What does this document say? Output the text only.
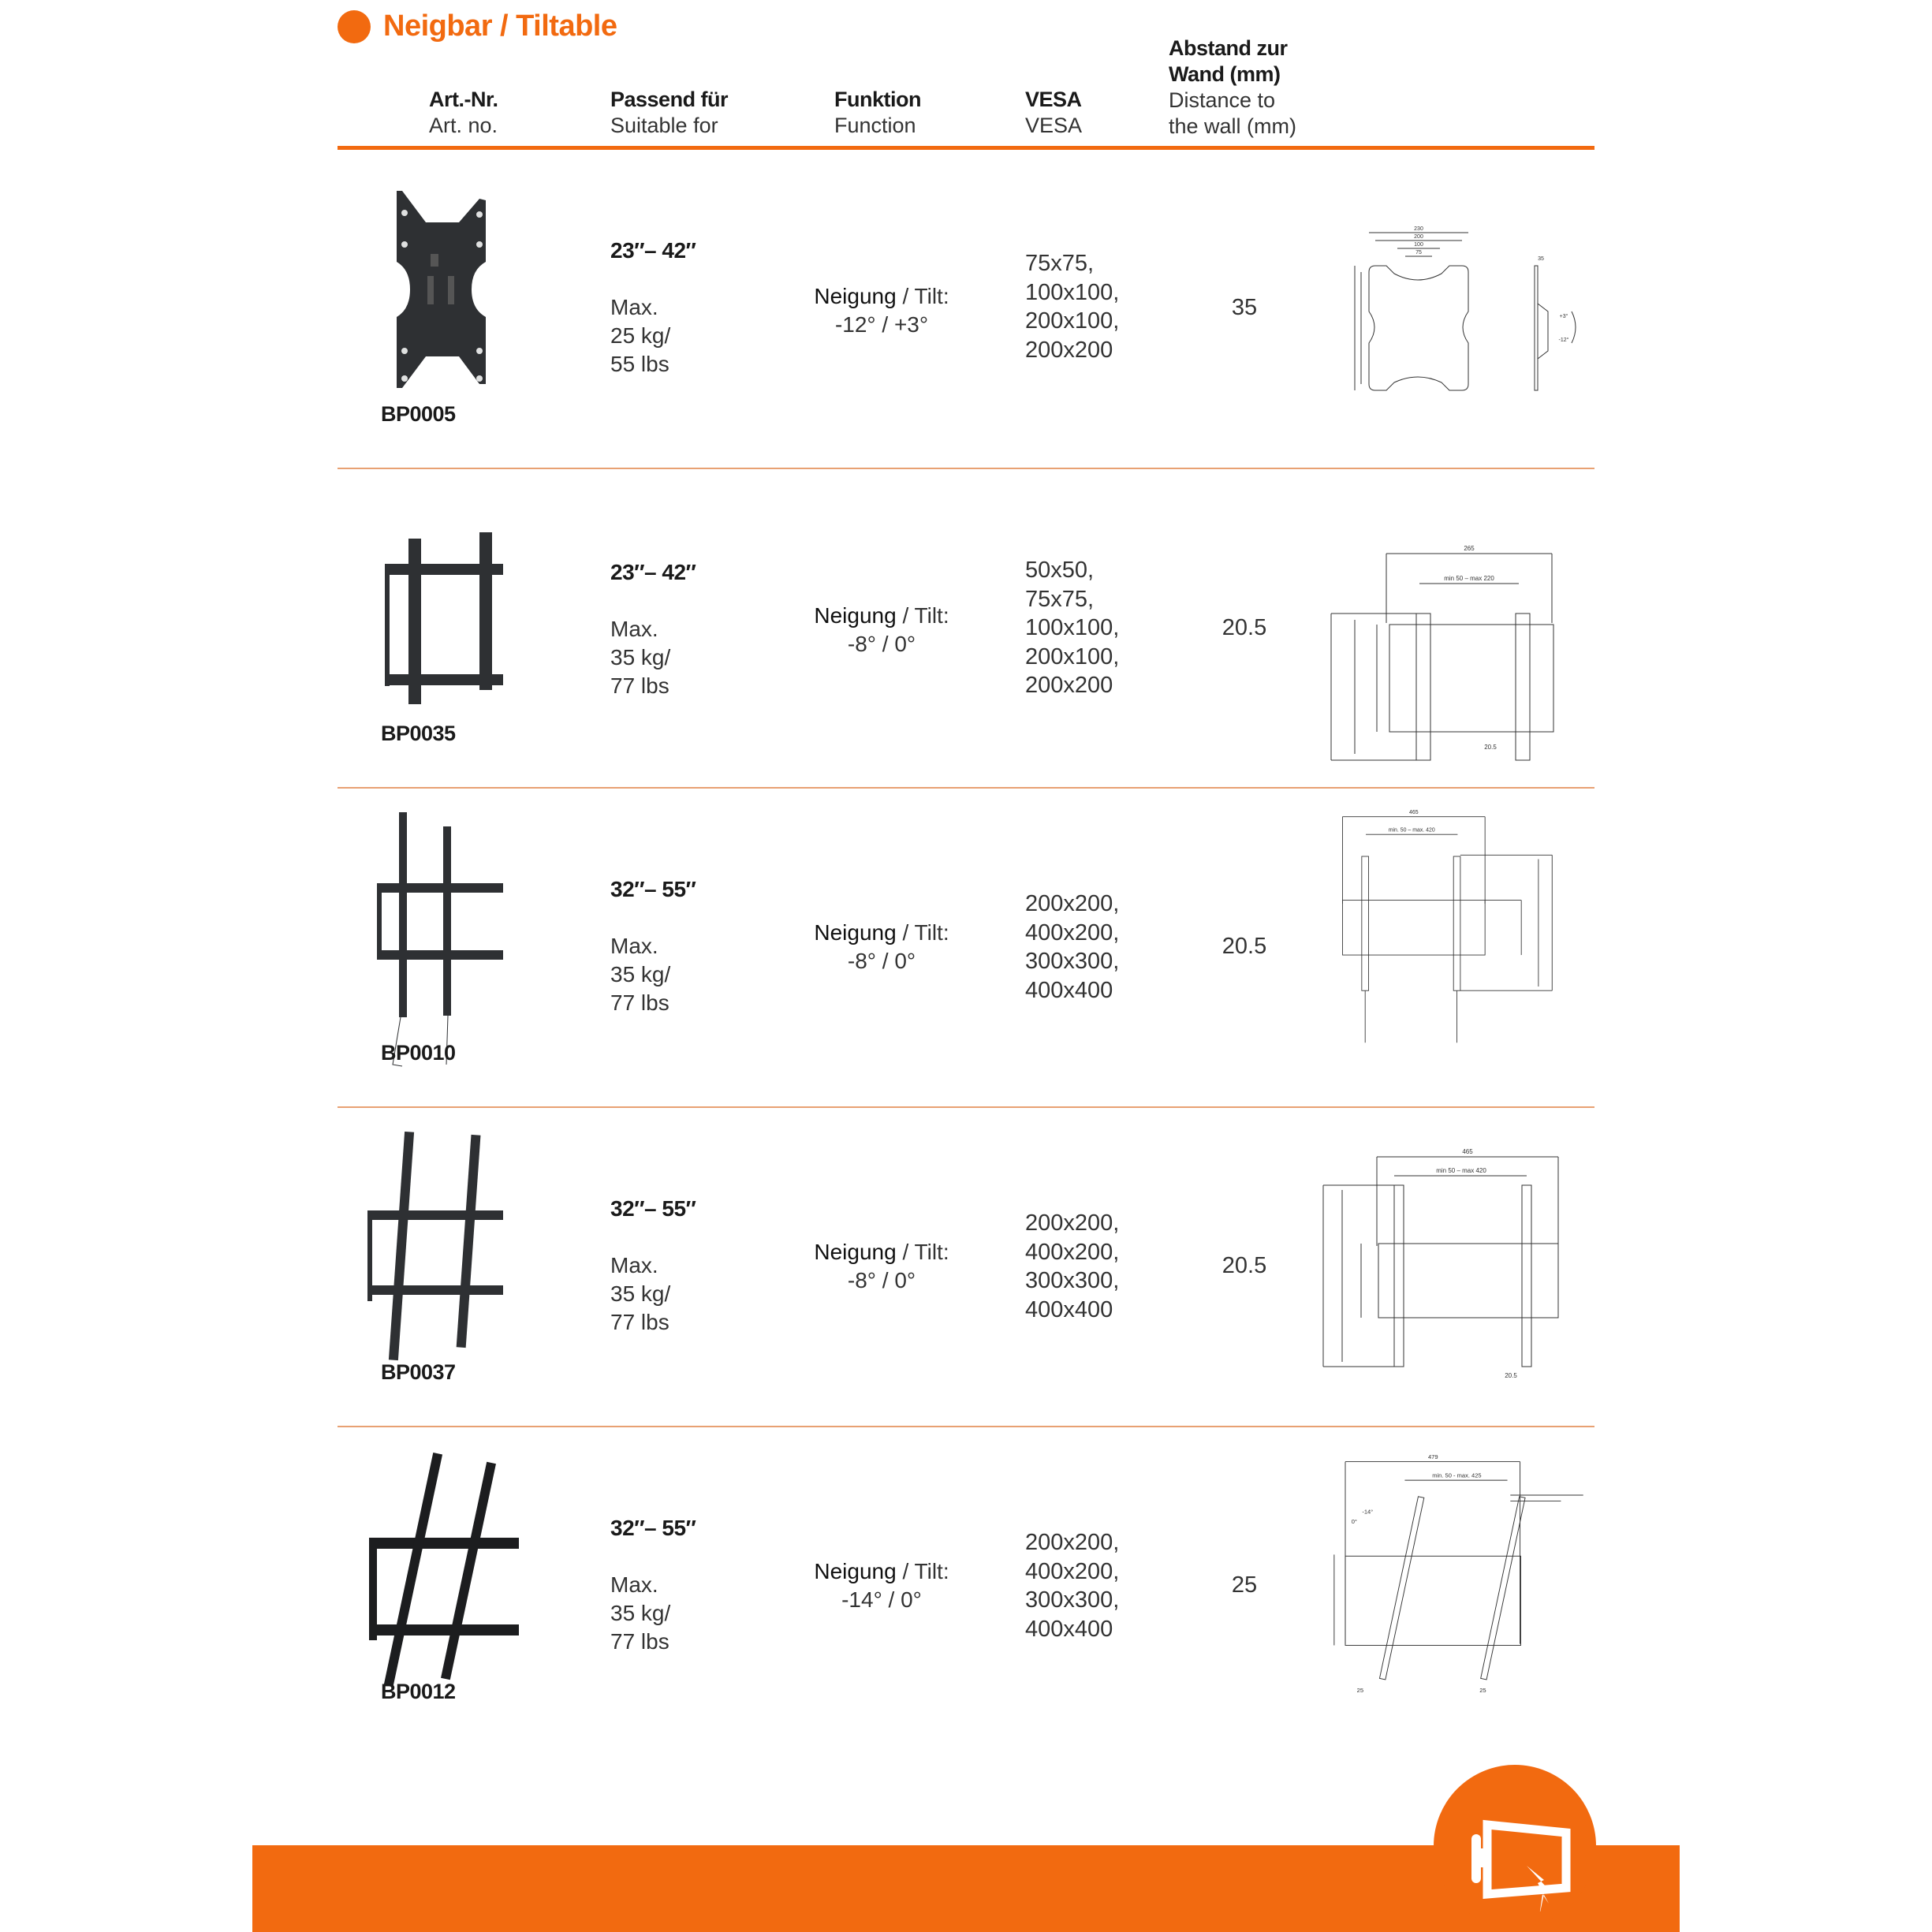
Neigbar / Tiltable
Art.-Nr.
Art. no.
Passend für
Suitable for
Funktion
Function
VESA
VESA
Abstand zur
Wand (mm)
Distance to
the wall (mm)
BP0005
23″– 42″
Max.
25 kg/
55 lbs
Neigung / Tilt:
-12° / +3°
75x75,
100x100,
200x100,
200x200
35
230
200
100
75
35
+3°
-12°
BP0035
23″– 42″
Max.
35 kg/
77 lbs
Neigung / Tilt:
-8° / 0°
50x50,
75x75,
100x100,
200x100,
200x200
20.5
265
min 50 – max 220
20.5
BP0010
32″– 55″
Max.
35 kg/
77 lbs
Neigung / Tilt:
-8° / 0°
200x200,
400x200,
300x300,
400x400
20.5
465
min. 50 – max. 420
BP0037
32″– 55″
Max.
35 kg/
77 lbs
Neigung / Tilt:
-8° / 0°
200x200,
400x200,
300x300,
400x400
20.5
465
min 50 – max 420
20.5
BP0012
32″– 55″
Max.
35 kg/
77 lbs
Neigung / Tilt:
-14° / 0°
200x200,
400x200,
300x300,
400x400
25
479
min. 50 - max. 425
25	25
-14°
0°
